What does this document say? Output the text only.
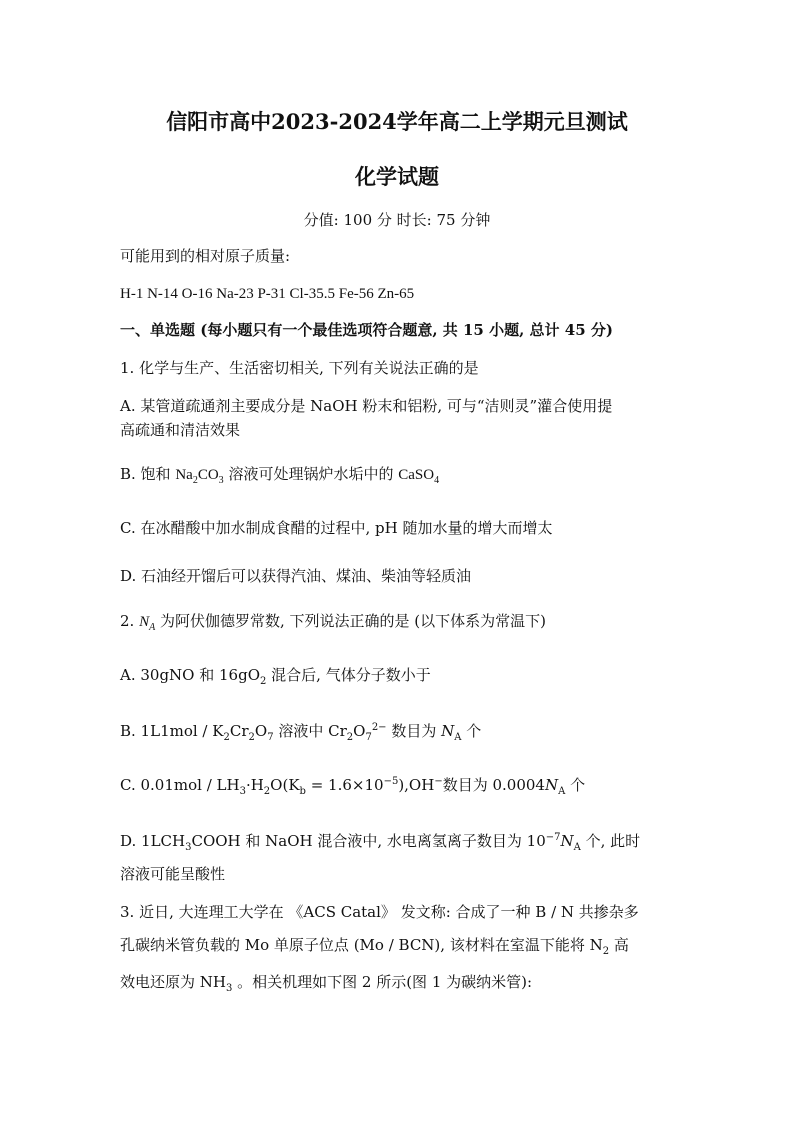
信阳市高中2023-2024学年高二上学期元旦测试
化学试题
分值: 100 分 时长: 75 分钟
可能用到的相对原子质量:
H-1 N-14 O-16 Na-23 P-31 Cl-35.5 Fe-56 Zn-65
一、单选题 (每小题只有一个最佳选项符合题意, 共 15 小题, 总计 45 分)
1. 化学与生产、生活密切相关, 下列有关说法正确的是
A. 某管道疏通剂主要成分是 NaOH 粉末和铝粉, 可与“洁则灵”灌合使用提
高疏通和清洁效果
B. 饱和 $Na_2CO_3$ 溶液可处理锅炉水垢中的 CaSO$_4$
C. 在冰醋酸中加水制成食醋的过程中, pH 随加水量的增大而增太
D. 石油经开馏后可以获得汽油、煤油、柴油等轻质油
2. $N_A$ 为阿伏伽德罗常数, 下列说法正确的是 (以下体系为常温下)
A. 30gNO 和 $16gO_2$ 混合后, 气体分子数小于
B. $1L1mol / K_2Cr_2O_7$ 溶液中 $Cr_2O_7^{2-}$ 数目为 $N_A$ 个
C. $0.01mol / LH_3\cdot H_2O(K_b = 1.6\times 10^{-5}),OH^-$数目为 $0.0004N_A$ 个
D. $1LCH_3COOH$ 和 NaOH 混合液中, 水电离氢离子数目为 $10^{-7}N_A$ 个, 此时
溶液可能呈酸性
3. 近日, 大连理工大学在 《ACS Catal》 发文称: 合成了一种 B / N 共掺杂多
孔碳纳米管负载的 Mo 单原子位点 (Mo / BCN), 该材料在室温下能将 $N_2$ 高
效电还原为 $NH_3$ 。相关机理如下图 2 所示(图 1 为碳纳米管):
